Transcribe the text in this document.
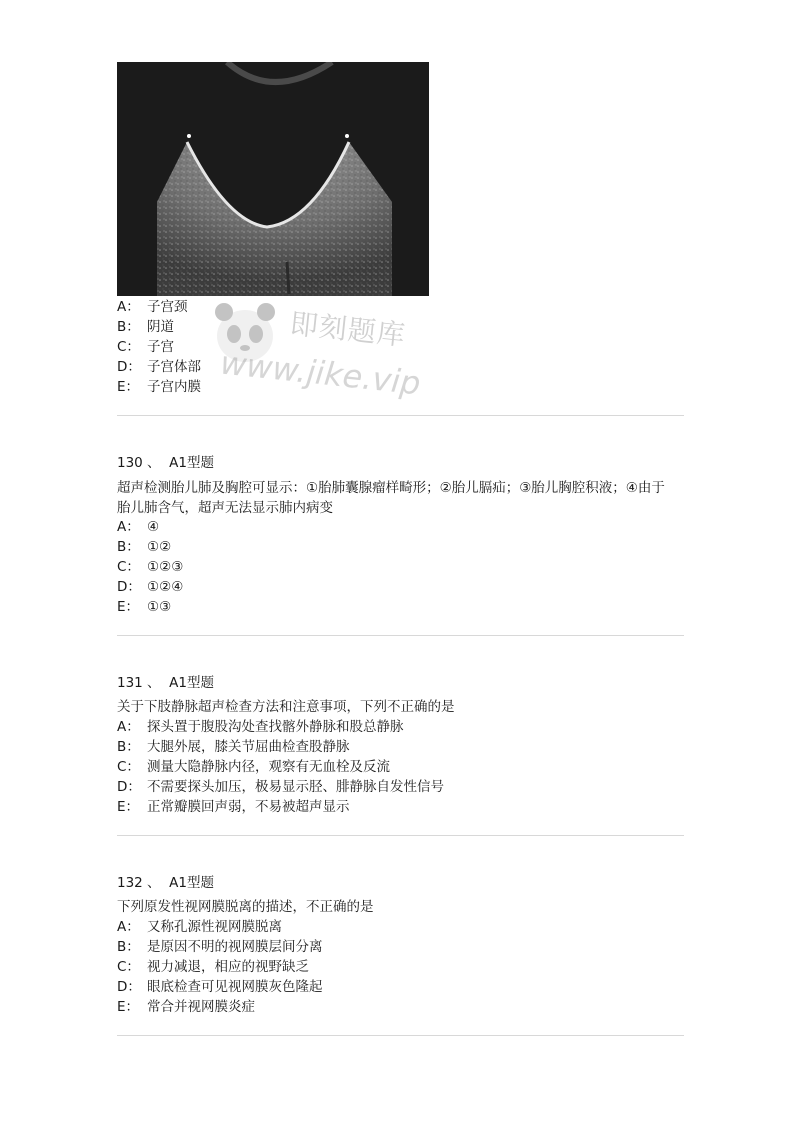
A： 子宫颈
B： 阴道
C： 子宫
D： 子宫体部
E： 子宫内膜
即刻题库
www.jike.vip
130 、 A1型题
超声检测胎儿肺及胸腔可显示：①胎肺囊腺瘤样畸形；②胎儿膈疝；③胎儿胸腔积液；④由于胎儿肺含气，超声无法显示肺内病变
A： ④
B： ①②
C： ①②③
D： ①②④
E： ①③
131 、 A1型题
关于下肢静脉超声检查方法和注意事项，下列不正确的是
A： 探头置于腹股沟处查找髂外静脉和股总静脉
B： 大腿外展，膝关节屈曲检查股静脉
C： 测量大隐静脉内径，观察有无血栓及反流
D： 不需要探头加压，极易显示胫、腓静脉自发性信号
E： 正常瓣膜回声弱，不易被超声显示
132 、 A1型题
下列原发性视网膜脱离的描述，不正确的是
A： 又称孔源性视网膜脱离
B： 是原因不明的视网膜层间分离
C： 视力减退，相应的视野缺乏
D： 眼底检查可见视网膜灰色隆起
E： 常合并视网膜炎症
